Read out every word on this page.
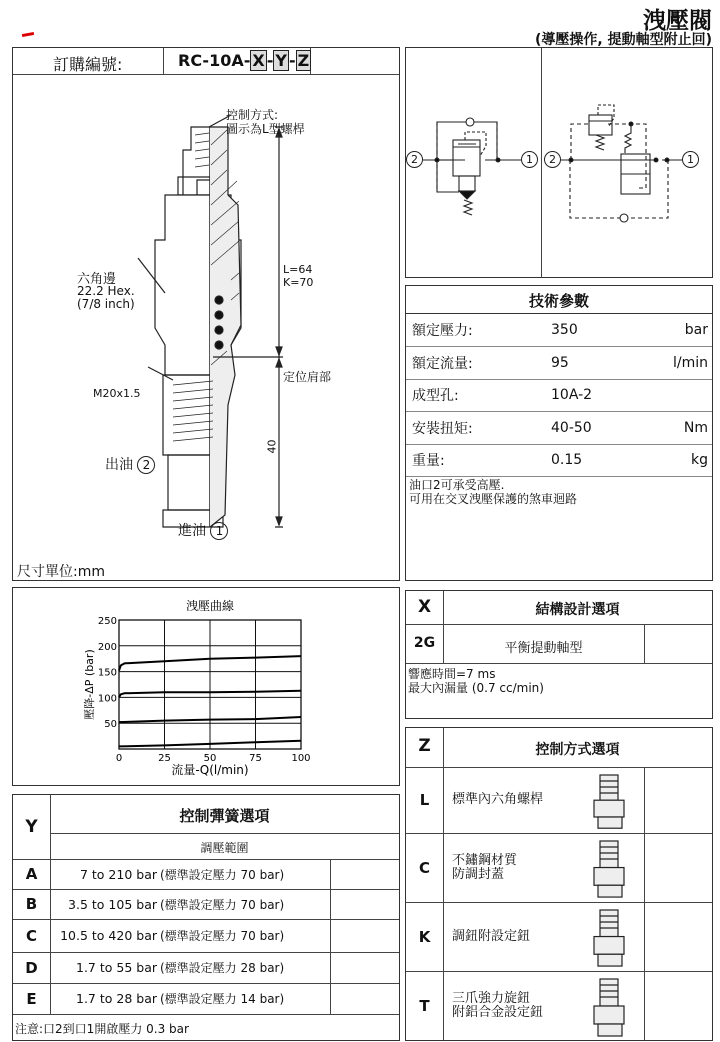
洩壓閥
(導壓操作, 提動軸型附止回)
訂購編號:	RC-10A- X - Y - Z
控制方式:
圖示為L型螺桿
六角邊
22.2 Hex.
(7/8 inch)
L=64
K=70
定位肩部
M20x1.5
40
出油 2
進油 1
尺寸單位:mm
2	1	2	1
技術參數
額定壓力:	350	bar
額定流量:	95	l/min
成型孔:	10A-2
安裝扭矩:	40-50	Nm
重量:	0.15	kg
油口2可承受高壓.
可用在交叉洩壓保護的煞車迴路
0	25	50	75	100
50
100
150
200
250
洩壓曲線
流量-Q(l/min)
壓降-ΔP (bar)
X	結構設計選項
2G	平衡提動軸型
響應時間=7 ms
最大內漏量 (0.7 cc/min)
Z	控制方式選項
L	標準內六角螺桿

C	不鏽鋼材質
防調封蓋
K	調鈕附設定鈕

T	三爪強力旋鈕
附鋁合金設定鈕
Y
控制彈簧選項
調壓範圍
A	7 to 210 bar (標準設定壓力 70 bar)
B	3.5 to 105 bar (標準設定壓力 70 bar)
C	10.5 to 420 bar (標準設定壓力 70 bar)
D	1.7 to 55 bar (標準設定壓力 28 bar)
E	1.7 to 28 bar (標準設定壓力 14 bar)
注意:口2到口1開啟壓力 0.3 bar
